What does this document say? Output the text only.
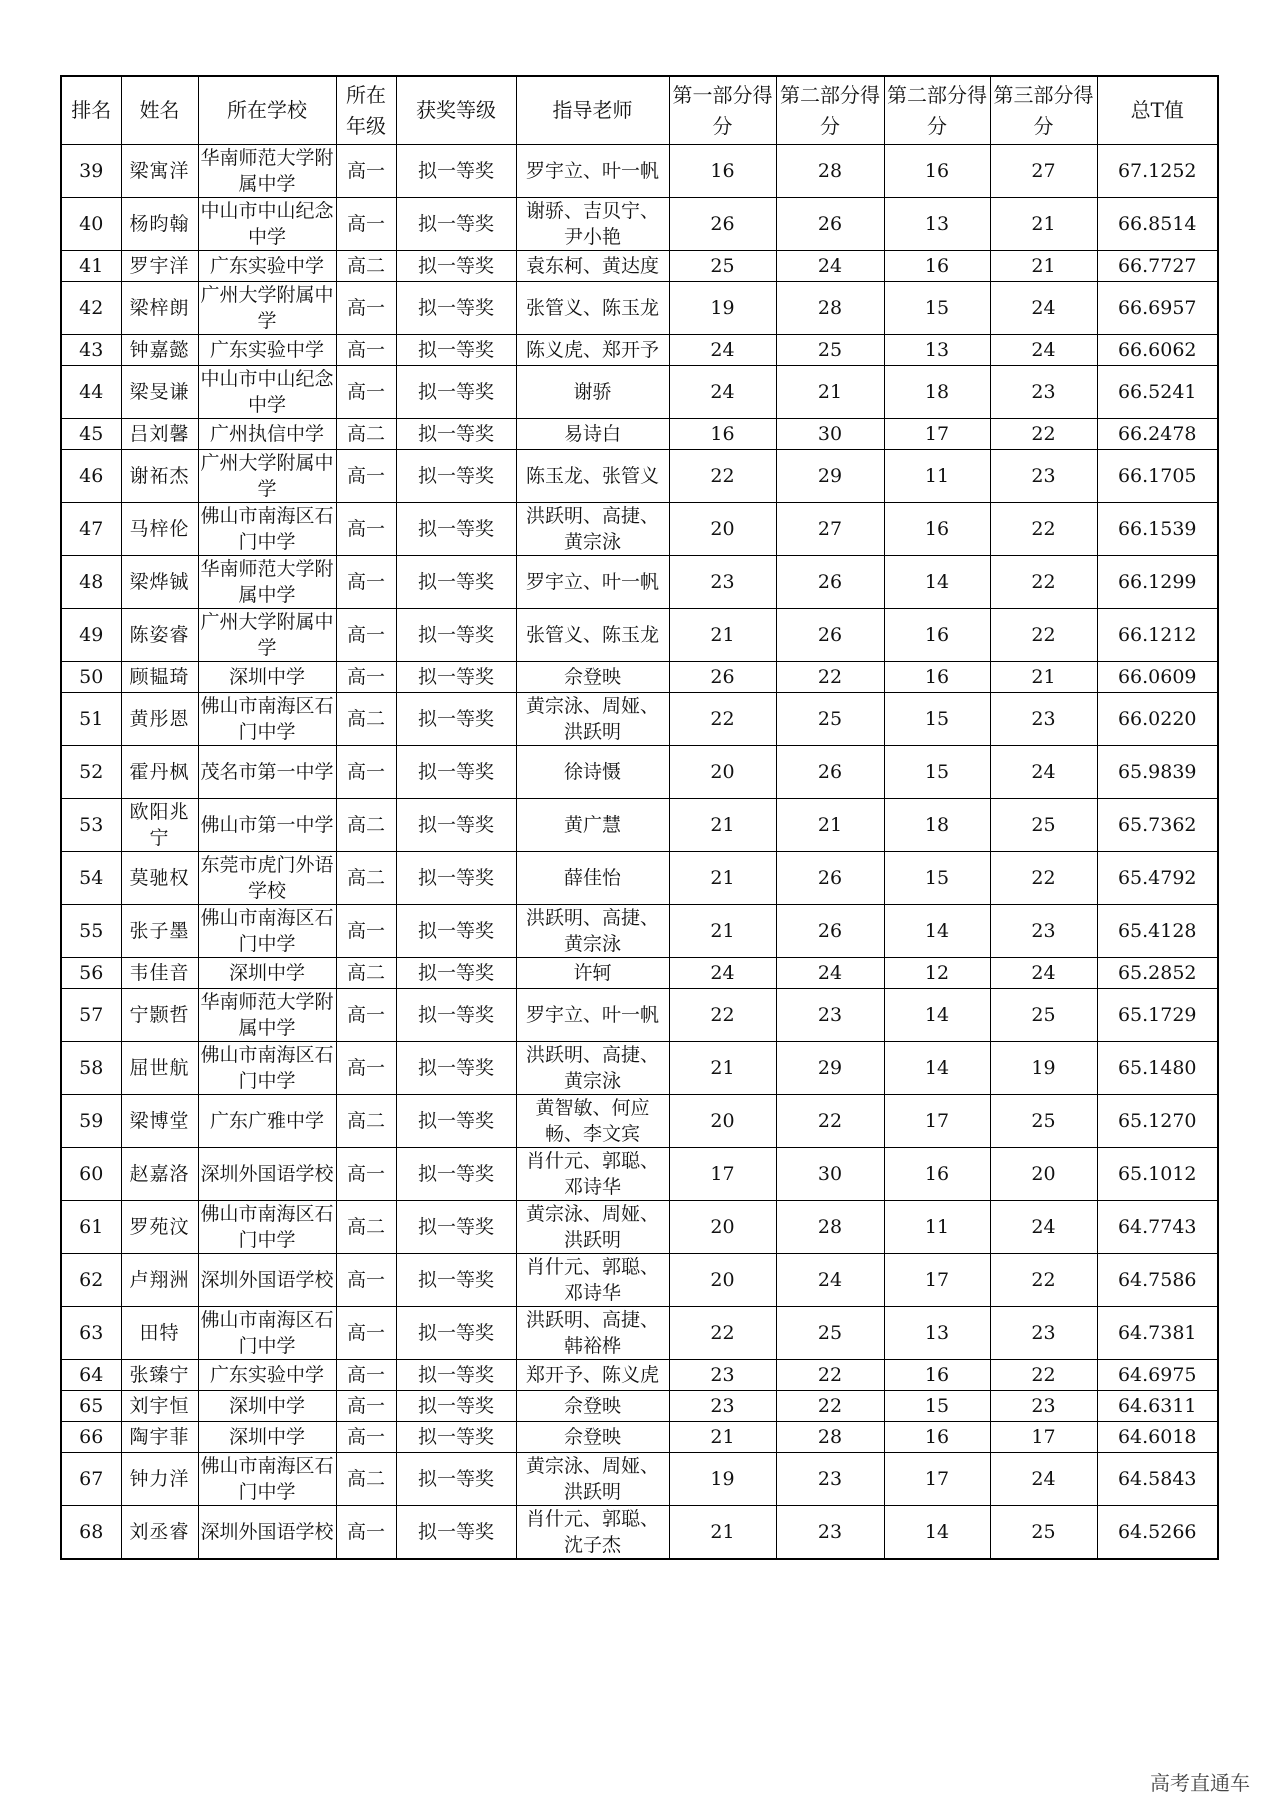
排名	姓名	所在学校	所在年级	获奖等级	指导老师	第一部分得分	第二部分得分	第二部分得分	第三部分得分	总T值
39	梁寓洋	华南师范大学附属中学	高一	拟一等奖	罗宇立、叶一帆	16	28	16	27	67.1252
40	杨昀翰	中山市中山纪念中学	高一	拟一等奖	谢骄、吉贝宁、尹小艳	26	26	13	21	66.8514
41	罗宇洋	广东实验中学	高二	拟一等奖	袁东柯、黄达度	25	24	16	21	66.7727
42	梁梓朗	广州大学附属中学	高一	拟一等奖	张管义、陈玉龙	19	28	15	24	66.6957
43	钟嘉懿	广东实验中学	高一	拟一等奖	陈义虎、郑开予	24	25	13	24	66.6062
44	梁旻谦	中山市中山纪念中学	高一	拟一等奖	谢骄	24	21	18	23	66.5241
45	吕刘馨	广州执信中学	高二	拟一等奖	易诗白	16	30	17	22	66.2478
46	谢祏杰	广州大学附属中学	高一	拟一等奖	陈玉龙、张管义	22	29	11	23	66.1705
47	马梓伦	佛山市南海区石门中学	高一	拟一等奖	洪跃明、高捷、黄宗泳	20	27	16	22	66.1539
48	梁烨铖	华南师范大学附属中学	高一	拟一等奖	罗宇立、叶一帆	23	26	14	22	66.1299
49	陈姿睿	广州大学附属中学	高一	拟一等奖	张管义、陈玉龙	21	26	16	22	66.1212
50	顾韫琦	深圳中学	高一	拟一等奖	佘登映	26	22	16	21	66.0609
51	黄彤恩	佛山市南海区石门中学	高二	拟一等奖	黄宗泳、周娅、洪跃明	22	25	15	23	66.0220
52	霍丹枫	茂名市第一中学	高一	拟一等奖	徐诗慑	20	26	15	24	65.9839
53	欧阳兆宁	佛山市第一中学	高二	拟一等奖	黄广慧	21	21	18	25	65.7362
54	莫驰权	东莞市虎门外语学校	高二	拟一等奖	薛佳怡	21	26	15	22	65.4792
55	张子墨	佛山市南海区石门中学	高一	拟一等奖	洪跃明、高捷、黄宗泳	21	26	14	23	65.4128
56	韦佳音	深圳中学	高二	拟一等奖	许轲	24	24	12	24	65.2852
57	宁颢哲	华南师范大学附属中学	高一	拟一等奖	罗宇立、叶一帆	22	23	14	25	65.1729
58	屈世航	佛山市南海区石门中学	高一	拟一等奖	洪跃明、高捷、黄宗泳	21	29	14	19	65.1480
59	梁博堂	广东广雅中学	高二	拟一等奖	黄智敏、何应畅、李文宾	20	22	17	25	65.1270
60	赵嘉洛	深圳外国语学校	高一	拟一等奖	肖什元、郭聪、邓诗华	17	30	16	20	65.1012
61	罗苑汶	佛山市南海区石门中学	高二	拟一等奖	黄宗泳、周娅、洪跃明	20	28	11	24	64.7743
62	卢翔洲	深圳外国语学校	高一	拟一等奖	肖什元、郭聪、邓诗华	20	24	17	22	64.7586
63	田特	佛山市南海区石门中学	高一	拟一等奖	洪跃明、高捷、韩裕桦	22	25	13	23	64.7381
64	张臻宁	广东实验中学	高一	拟一等奖	郑开予、陈义虎	23	22	16	22	64.6975
65	刘宇恒	深圳中学	高一	拟一等奖	佘登映	23	22	15	23	64.6311
66	陶宇菲	深圳中学	高一	拟一等奖	佘登映	21	28	16	17	64.6018
67	钟力洋	佛山市南海区石门中学	高二	拟一等奖	黄宗泳、周娅、洪跃明	19	23	17	24	64.5843
68	刘丞睿	深圳外国语学校	高一	拟一等奖	肖什元、郭聪、沈子杰	21	23	14	25	64.5266
高考直通车
